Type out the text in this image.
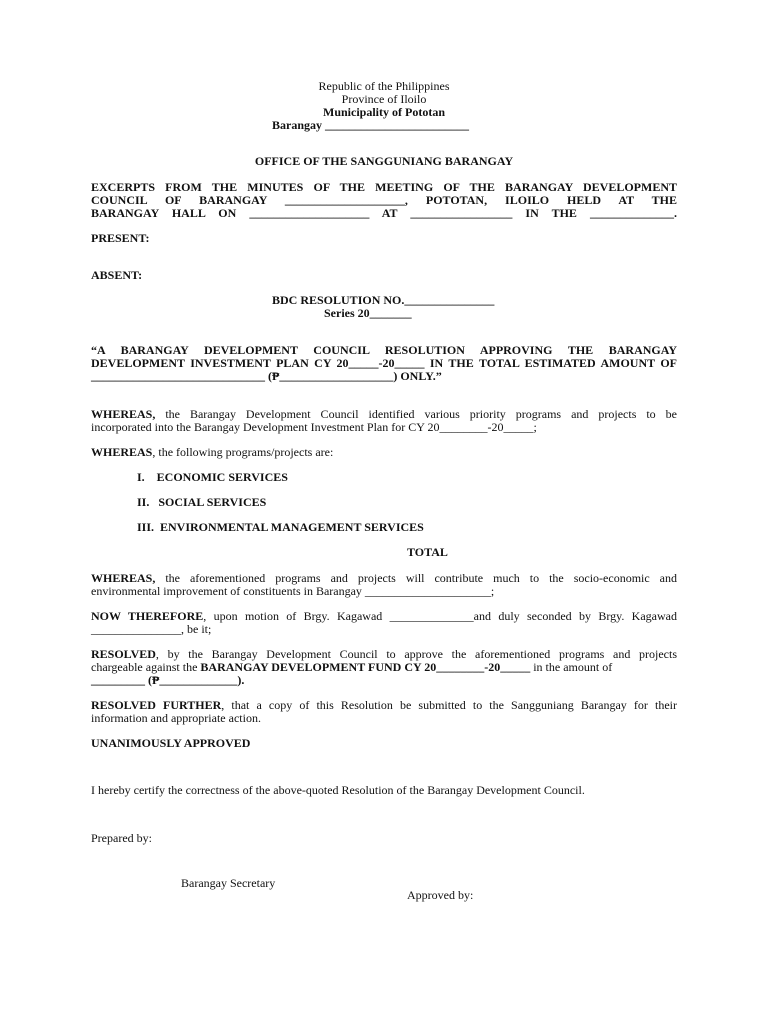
Republic of the Philippines
Province of Iloilo
Municipality of Pototan
Barangay ________________________
OFFICE OF THE SANGGUNIANG BARANGAY
EXCERPTS FROM THE MINUTES OF THE MEETING OF THE BARANGAY DEVELOPMENT
COUNCIL OF BARANGAY ____________________, POTOTAN, ILOILO HELD AT THE
BARANGAY HALL ON ____________________ AT _________________ IN THE ______________.
PRESENT:
ABSENT:
BDC RESOLUTION NO._______________
Series 20_______
“A BARANGAY DEVELOPMENT COUNCIL RESOLUTION APPROVING THE BARANGAY
DEVELOPMENT INVESTMENT PLAN CY 20_____-20_____ IN THE TOTAL ESTIMATED AMOUNT OF
_____________________________ (₱___________________) ONLY.”
WHEREAS, the Barangay Development Council identified various priority programs and projects to be
incorporated into the Barangay Development Investment Plan for CY 20________-20_____;
WHEREAS, the following programs/projects are:
I.    ECONOMIC SERVICES
II.   SOCIAL SERVICES
III.  ENVIRONMENTAL MANAGEMENT SERVICES
TOTAL
WHEREAS, the aforementioned programs and projects will contribute much to the socio-economic and
environmental improvement of constituents in Barangay _____________________;
NOW THEREFORE, upon motion of Brgy. Kagawad ______________and duly seconded by Brgy. Kagawad
_______________, be it;
RESOLVED, by the Barangay Development Council to approve the aforementioned programs and projects
chargeable against the BARANGAY DEVELOPMENT FUND CY 20________-20_____ in the amount of
_________ (₱_____________).
RESOLVED FURTHER, that a copy of this Resolution be submitted to the Sangguniang Barangay for their
information and appropriate action.
UNANIMOUSLY APPROVED
I hereby certify the correctness of the above-quoted Resolution of the Barangay Development Council.
Prepared by:
Barangay Secretary
Approved by:
